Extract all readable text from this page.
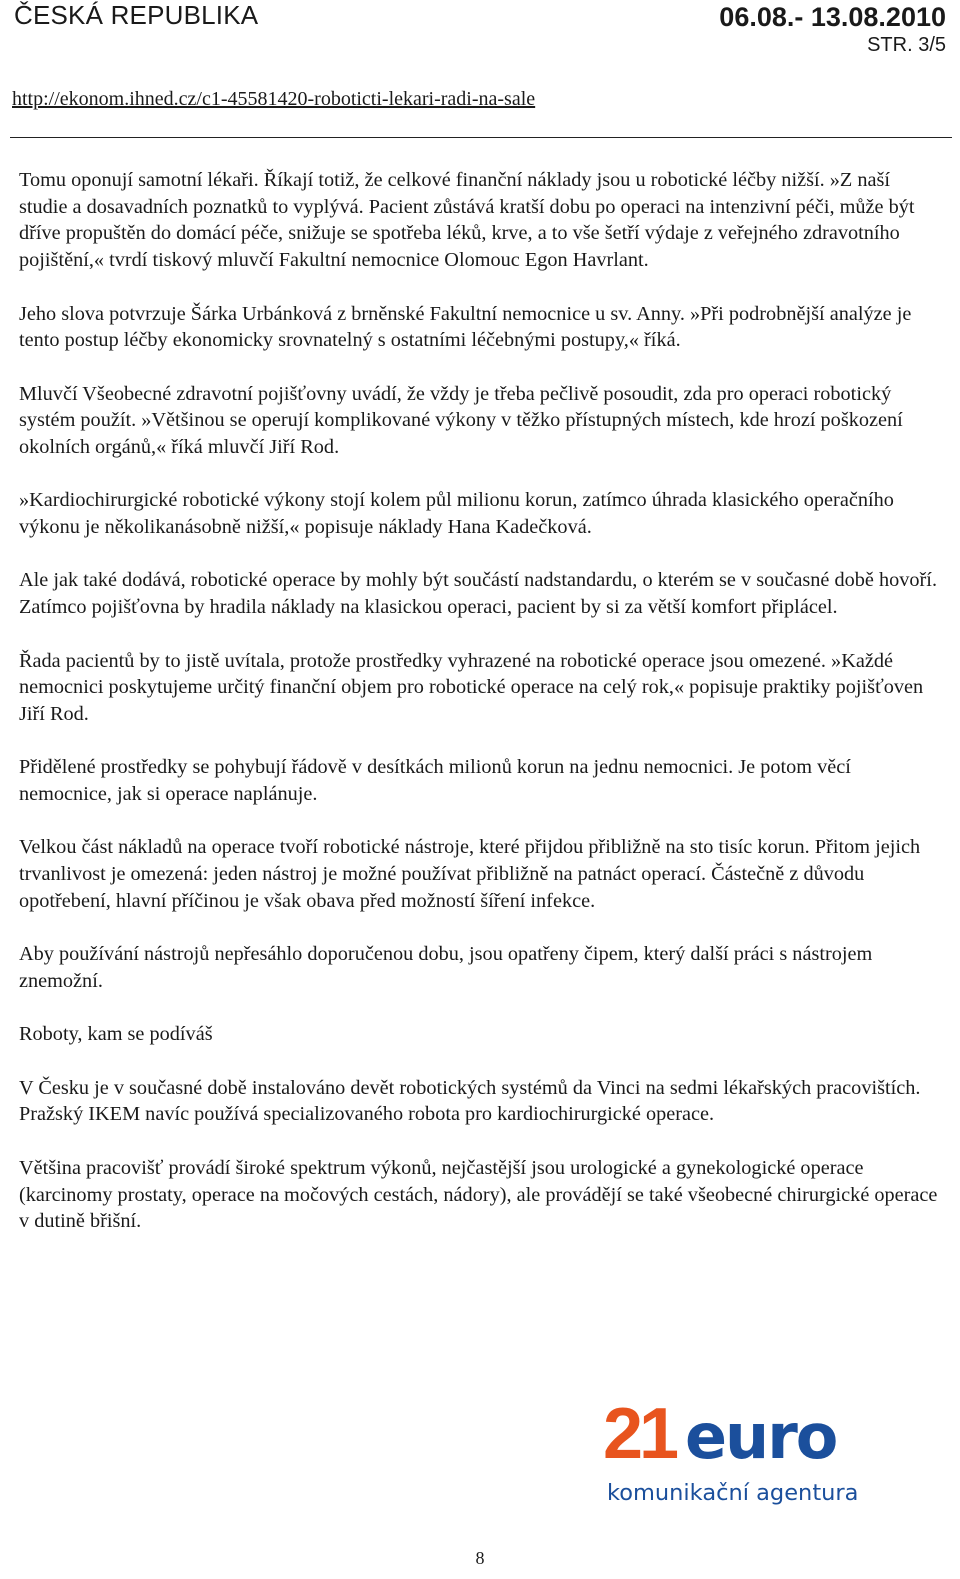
ČESKÁ REPUBLIKA	06.08.- 13.08.2010
STR. 3/5
http://ekonom.ihned.cz/c1-45581420-roboticti-lekari-radi-na-sale

Tomu oponují samotní lékaři. Říkají totiž, že celkové finanční náklady jsou u robotické léčby nižší. »Z naší studie a dosavadních poznatků to vyplývá. Pacient zůstává kratší dobu po operaci na intenzivní péči, může být dříve propuštěn do domácí péče, snižuje se spotřeba léků, krve, a to vše šetří výdaje z veřejného zdravotního pojištění,« tvrdí tiskový mluvčí Fakultní nemocnice Olomouc Egon Havrlant.

Jeho slova potvrzuje Šárka Urbánková z brněnské Fakultní nemocnice u sv. Anny. »Při podrobnější analýze je tento postup léčby ekonomicky srovnatelný s ostatními léčebnými postupy,« říká.

Mluvčí Všeobecné zdravotní pojišťovny uvádí, že vždy je třeba pečlivě posoudit, zda pro operaci robotický systém použít. »Většinou se operují komplikované výkony v těžko přístupných místech, kde hrozí poškození okolních orgánů,« říká mluvčí Jiří Rod.

»Kardiochirurgické robotické výkony stojí kolem půl milionu korun, zatímco úhrada klasického operačního výkonu je několikanásobně nižší,« popisuje náklady Hana Kadečková.

Ale jak také dodává, robotické operace by mohly být součástí nadstandardu, o kterém se v současné době hovoří. Zatímco pojišťovna by hradila náklady na klasickou operaci, pacient by si za větší komfort připlácel.

Řada pacientů by to jistě uvítala, protože prostředky vyhrazené na robotické operace jsou omezené. »Každé nemocnici poskytujeme určitý finanční objem pro robotické operace na celý rok,« popisuje praktiky pojišťoven Jiří Rod.

Přidělené prostředky se pohybují řádově v desítkách milionů korun na jednu nemocnici. Je potom věcí nemocnice, jak si operace naplánuje.

Velkou část nákladů na operace tvoří robotické nástroje, které přijdou přibližně na sto tisíc korun. Přitom jejich trvanlivost je omezená: jeden nástroj je možné používat přibližně na patnáct operací. Částečně z důvodu opotřebení, hlavní příčinou je však obava před možností šíření infekce.

Aby používání nástrojů nepřesáhlo doporučenou dobu, jsou opatřeny čipem, který další práci s nástrojem znemožní.

Roboty, kam se podíváš

V Česku je v současné době instalováno devět robotických systémů da Vinci na sedmi lékařských pracovištích. Pražský IKEM navíc používá specializovaného robota pro kardiochirurgické operace.

Většina pracovišť provádí široké spektrum výkonů, nejčastější jsou urologické a gynekologické operace (karcinomy prostaty, operace na močových cestách, nádory), ale provádějí se také všeobecné chirurgické operace v dutině břišní.

21 euro
komunikační agentura
8
